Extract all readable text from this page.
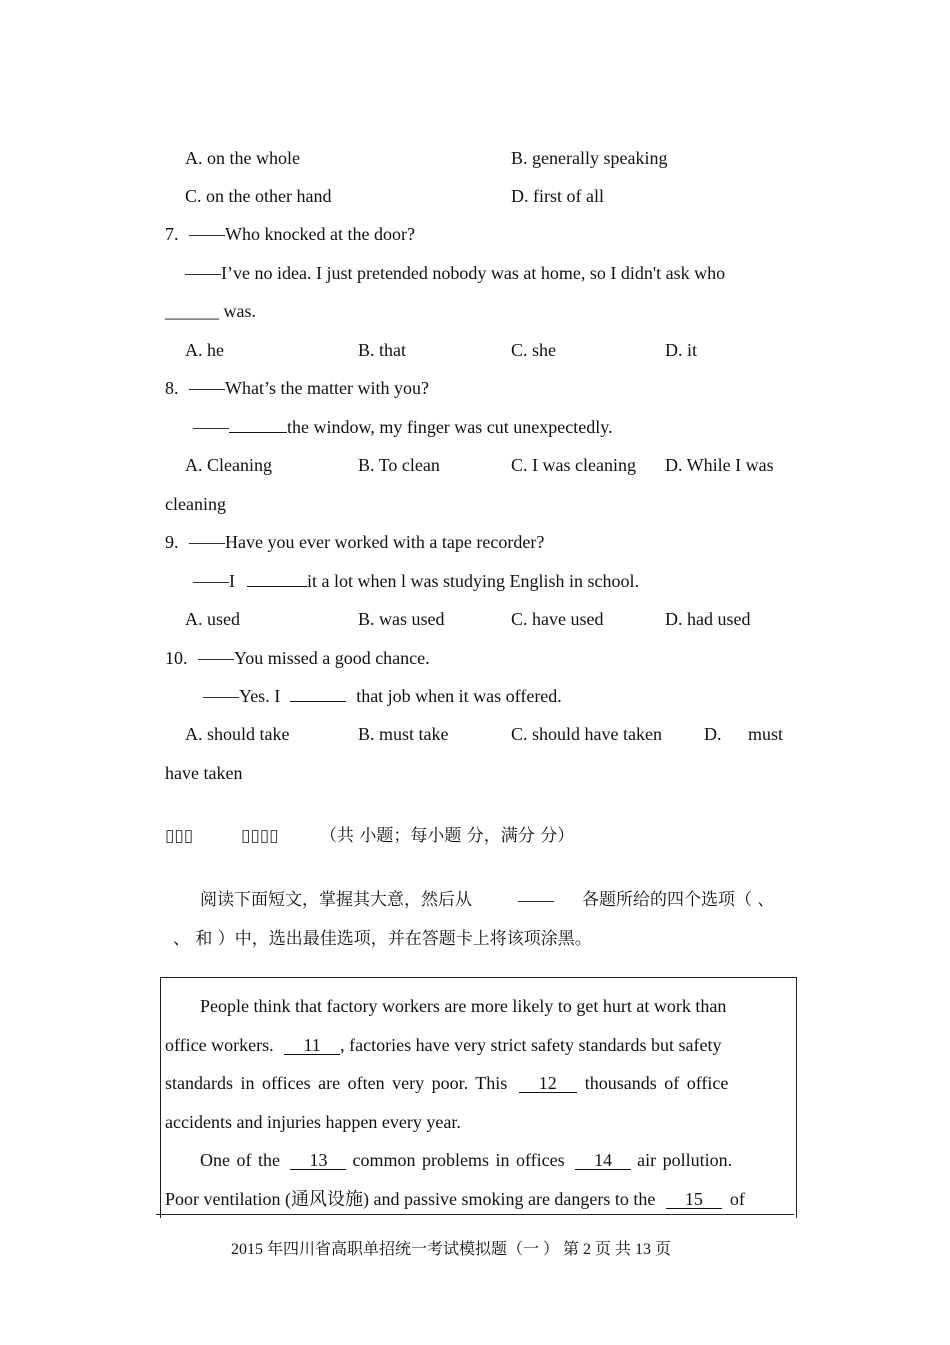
A. on the whole	B. generally speaking
C. on the other hand	D. first of all
7. ——Who knocked at the door?
——I’ve no idea. I just pretended nobody was at home, so I didn't ask who
______ was.
A. he	B. that	C. she	D. it
8. ——What’s the matter with you?
——	the window, my finger was cut unexpectedly.
A. Cleaning	B. To clean	C. I was cleaning D. While I was
cleaning
9. ——Have you ever worked with a tape recorder?
——I	it a lot when l was studying English in school.
A. used	B. was used	C. have used	D. had used
10. ——You missed a good chance.
——Yes. I	that job when it was offered.
A. should take	B. must take	C. should have taken D. must
have taken
▯▯▯	▯▯▯▯ （共 小题；每小题 分，满分 分）
阅读下面短文，掌握其大意，然后从	—— 各题所给的四个选项（ 、
、 和 ）中，选出最佳选项，并在答题卡上将该项涂黑。
People think that factory workers are more likely to get hurt at work than
office workers. 11 , factories have very strict safety standards but safety
standards in offices are often very poor. This 12 thousands of office
accidents and injuries happen every year.
One of the 13 common problems in offices 14 air pollution.
Poor ventilation (通风设施) and passive smoking are dangers to the 15 of
2015 年四川省高职单招统一考试模拟题（一 ） 第 2 页 共 13 页
